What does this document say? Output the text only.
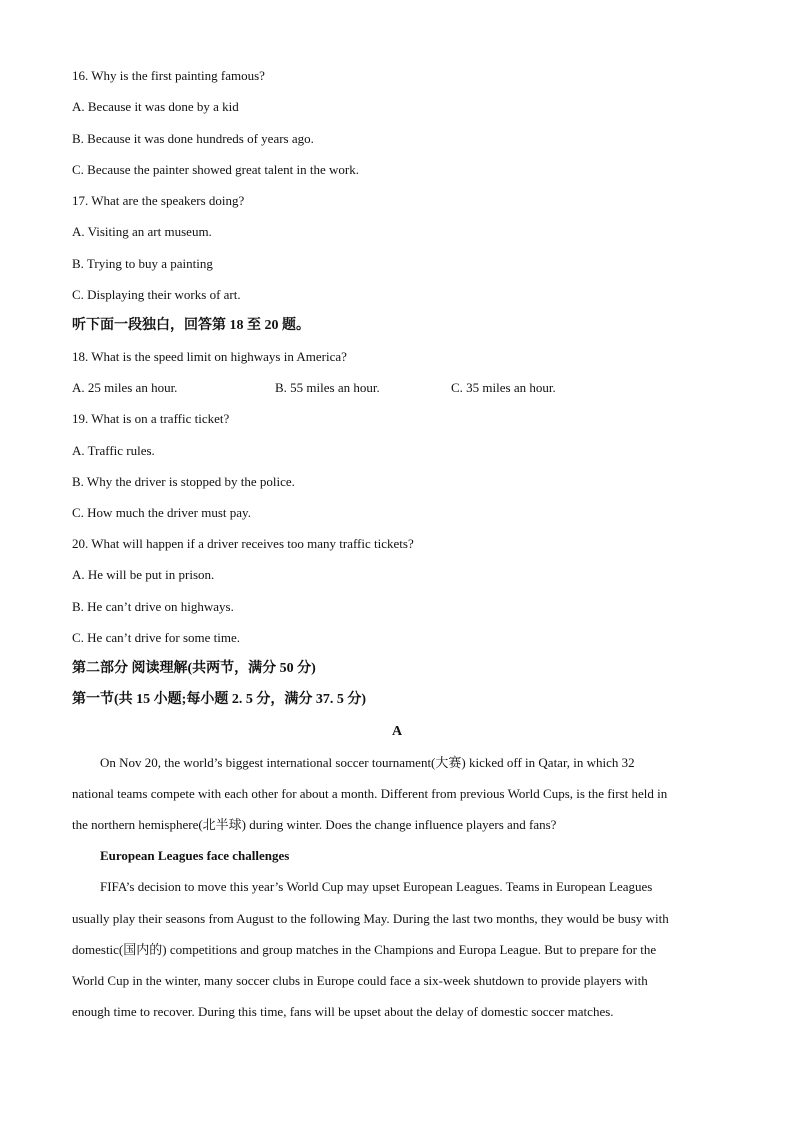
16. Why is the first painting famous?
A. Because it was done by a kid
B. Because it was done hundreds of years ago.
C. Because the painter showed great talent in the work.
17. What are the speakers doing?
A. Visiting an art museum.
B. Trying to buy a painting
C. Displaying their works of art.
听下面一段独白，回答第 18 至 20 题。
18. What is the speed limit on highways in America?
A. 25 miles an hour.	B. 55 miles an hour.	C. 35 miles an hour.
19. What is on a traffic ticket?
A. Traffic rules.
B. Why the driver is stopped by the police.
C. How much the driver must pay.
20. What will happen if a driver receives too many traffic tickets?
A. He will be put in prison.
B. He can’t drive on highways.
C. He can’t drive for some time.
第二部分 阅读理解(共两节，满分 50 分)
第一节(共 15 小题;每小题 2. 5 分，满分 37. 5 分)
A
On Nov 20, the world’s biggest international soccer tournament(大赛) kicked off in Qatar, in which 32
national teams compete with each other for about a month. Different from previous World Cups, is the first held in
the northern hemisphere(北半球) during winter. Does the change influence players and fans?
European Leagues face challenges
FIFA’s decision to move this year’s World Cup may upset European Leagues. Teams in European Leagues
usually play their seasons from August to the following May. During the last two months, they would be busy with
domestic(国内的) competitions and group matches in the Champions and Europa League. But to prepare for the
World Cup in the winter, many soccer clubs in Europe could face a six-week shutdown to provide players with
enough time to recover. During this time, fans will be upset about the delay of domestic soccer matches.
